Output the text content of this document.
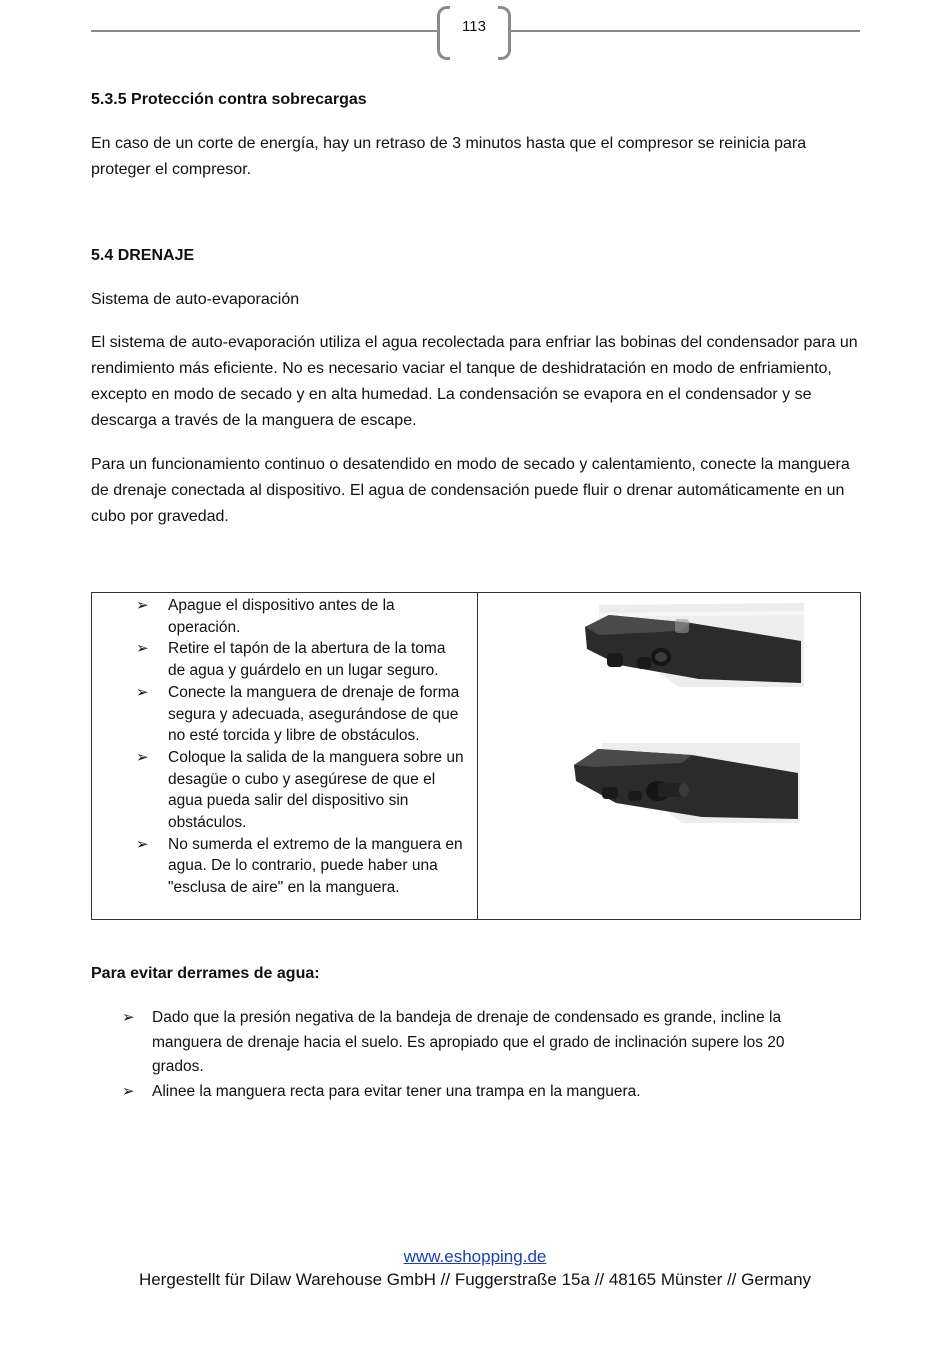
113
5.3.5 Protección contra sobrecargas
En caso de un corte de energía, hay un retraso de 3 minutos hasta que el compresor se reinicia para proteger el compresor.
5.4 DRENAJE
Sistema de auto-evaporación
El sistema de auto-evaporación utiliza el agua recolectada para enfriar las bobinas del condensador para un rendimiento más eficiente. No es necesario vaciar el tanque de deshidratación en modo de enfriamiento, excepto en modo de secado y en alta humedad. La condensación se evapora en el condensador y se descarga a través de la manguera de escape.
Para un funcionamiento continuo o desatendido en modo de secado y calentamiento, conecte la manguera de drenaje conectada al dispositivo. El agua de condensación puede fluir o drenar automáticamente en un cubo por gravedad.
➢ Apague el dispositivo antes de la operación.
➢ Retire el tapón de la abertura de la toma de agua y guárdelo en un lugar seguro.
➢ Conecte la manguera de drenaje de forma segura y adecuada, asegurándose de que no esté torcida y libre de obstáculos.
➢ Coloque la salida de la manguera sobre un desagüe o cubo y asegúrese de que el agua pueda salir del dispositivo sin obstáculos.
➢ No sumerda el extremo de la manguera en agua. De lo contrario, puede haber una "esclusa de aire" en la manguera.
Para evitar derrames de agua:
➢ Dado que la presión negativa de la bandeja de drenaje de condensado es grande, incline la manguera de drenaje hacia el suelo. Es apropiado que el grado de inclinación supere los 20 grados.
➢ Alinee la manguera recta para evitar tener una trampa en la manguera.
www.eshopping.de
Hergestellt für Dilaw Warehouse GmbH // Fuggerstraße 15a // 48165 Münster // Germany
